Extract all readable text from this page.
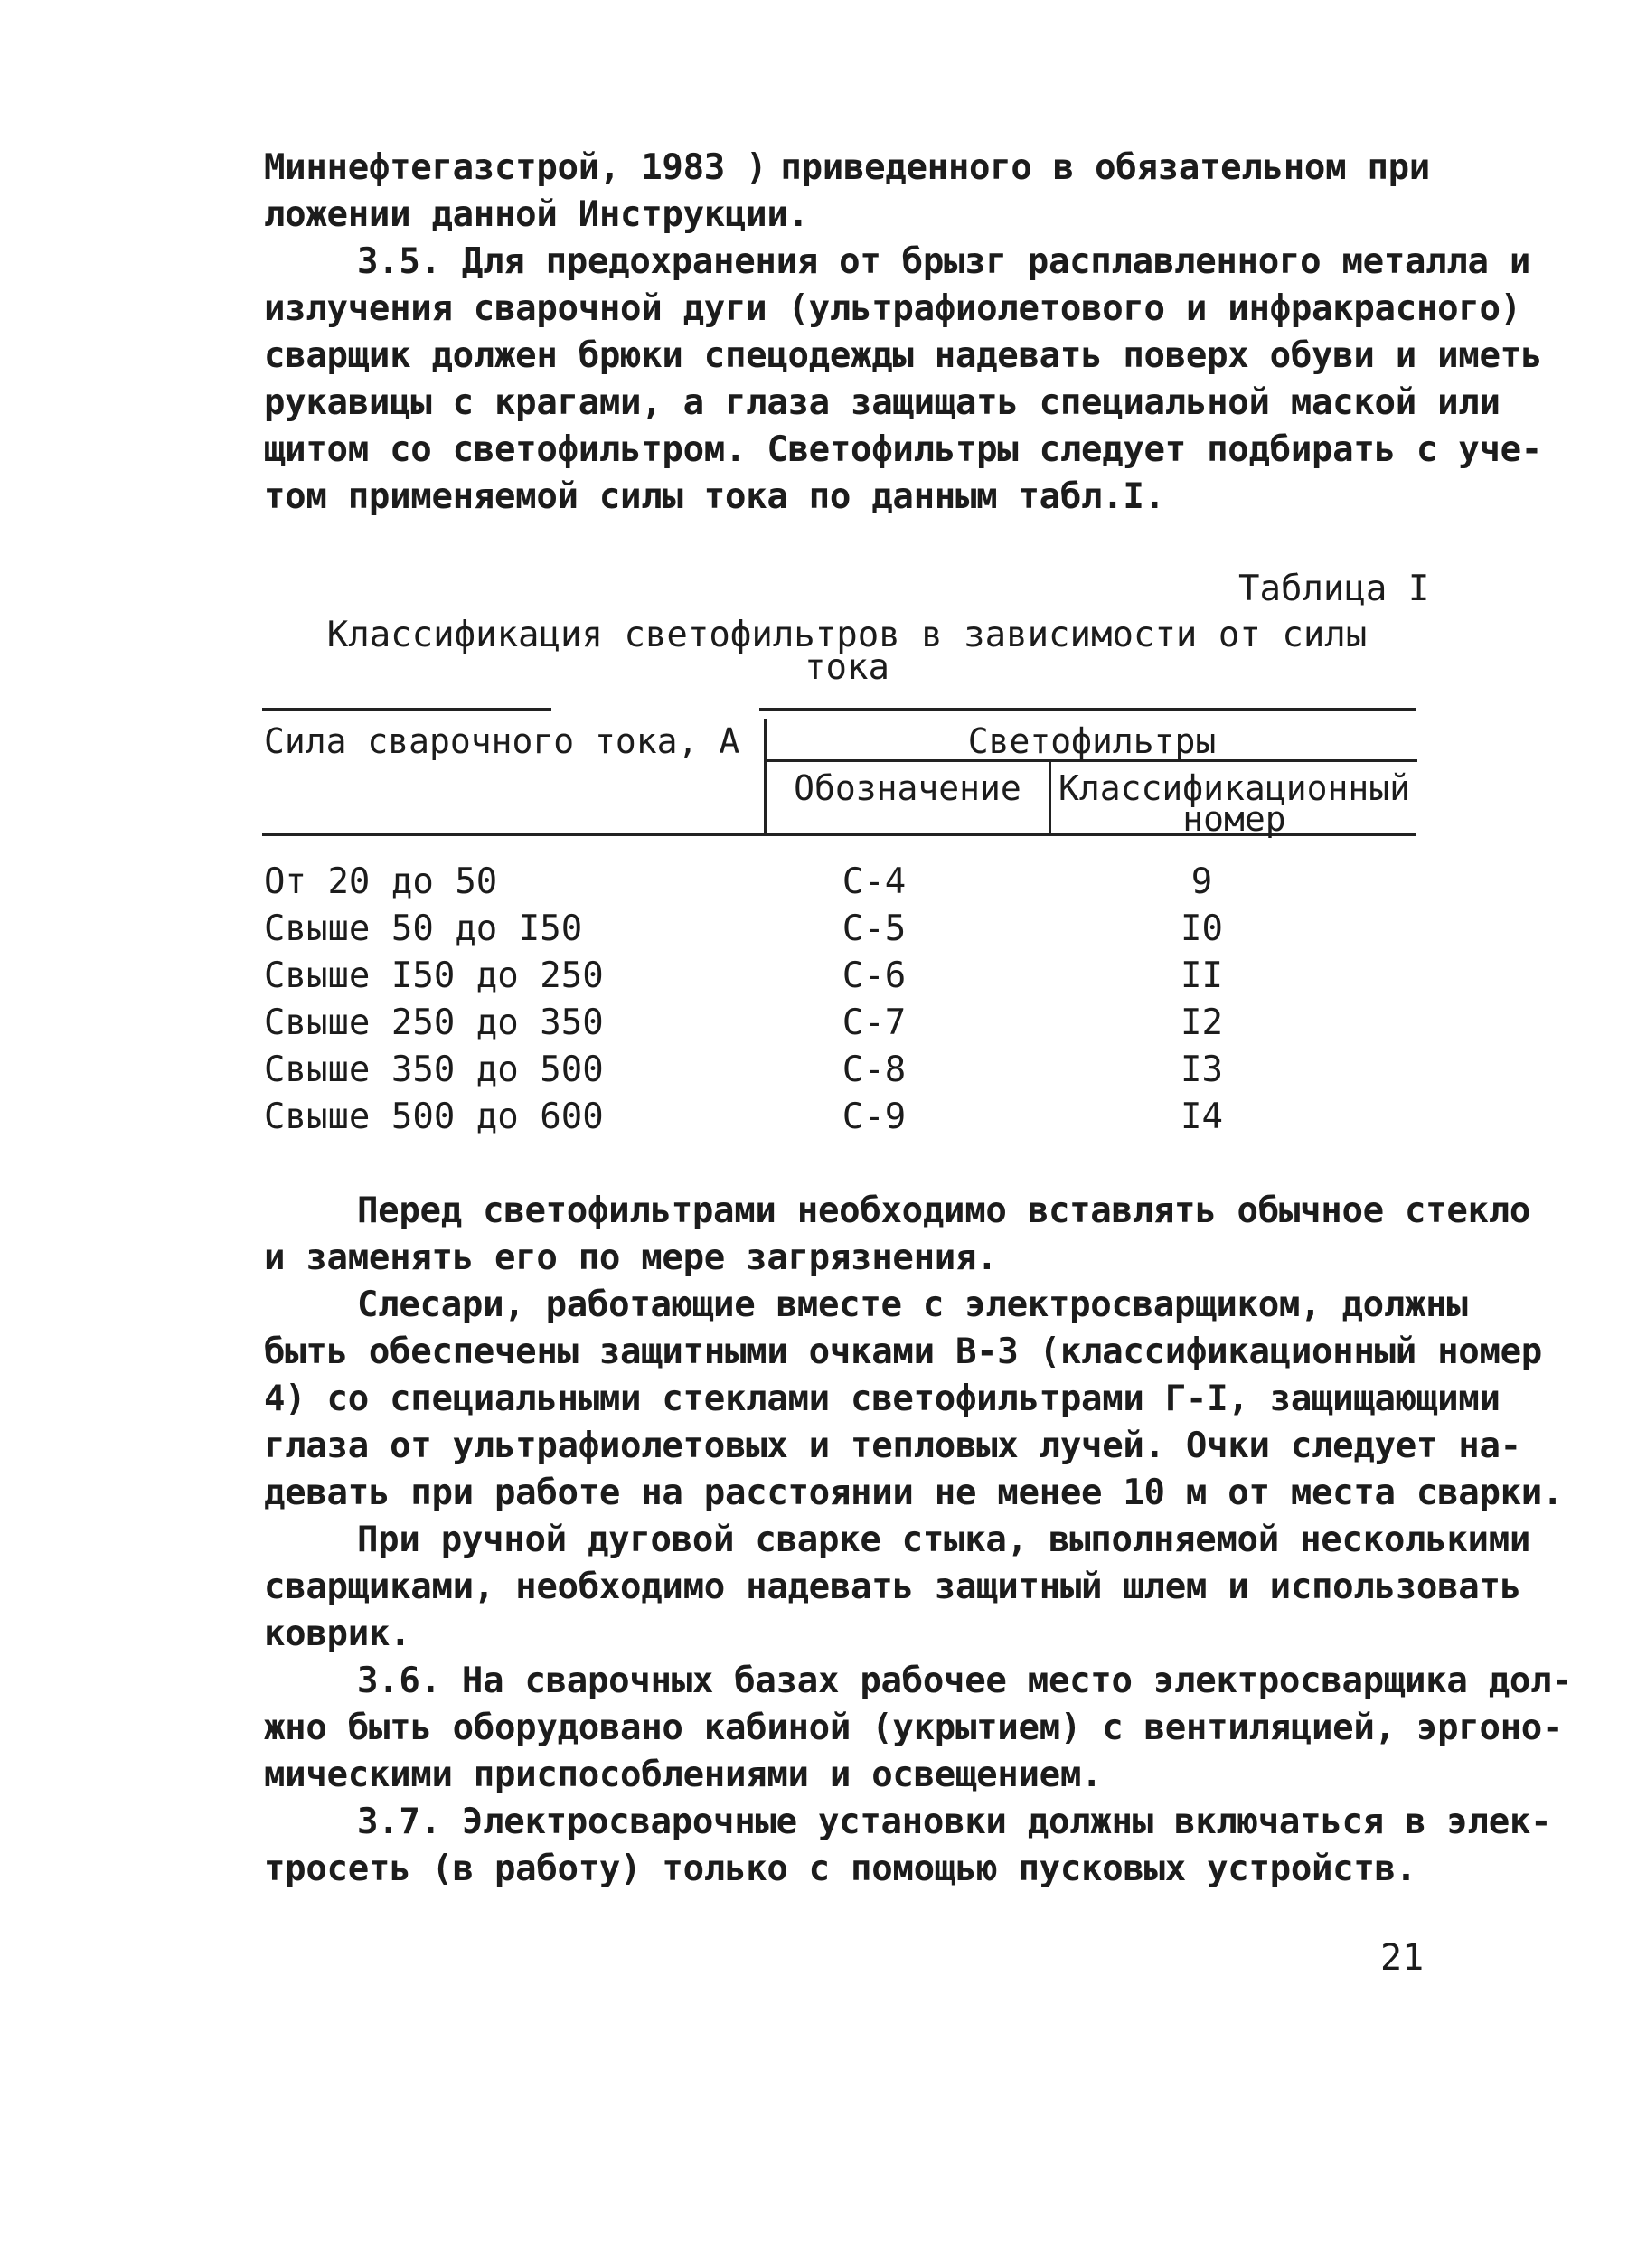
Миннефтегазстрой, 1983 ) приведенного в обязательном при
ложении данной Инструкции.
3.5. Для предохранения от брызг расплавленного металла и
излучения сварочной дуги (ультрафиолетового и инфракрасного)
сварщик должен брюки спецодежды надевать поверх обуви и иметь
рукавицы с крагами, а глаза защищать специальной маской или
щитом со светофильтром. Светофильтры следует подбирать с уче-
том применяемой силы тока по данным табл.I.
Таблица I
Классификация светофильтров в зависимости от силы
тока
Сила сварочного тока, А	Светофильтры
Обозначение	Классификационный
номер
От 20 до 50	С-4	9
Свыше 50 до I50	С-5	I0
Свыше I50 до 250	С-6	II
Свыше 250 до 350	С-7	I2
Свыше 350 до 500	С-8	I3
Свыше 500 до 600	С-9	I4
Перед светофильтрами необходимо вставлять обычное стекло
и заменять его по мере загрязнения.
Слесари, работающие вместе с электросварщиком, должны
быть обеспечены защитными очками В-3 (классификационный номер
4) со специальными стеклами светофильтрами Г-I, защищающими
глаза от ультрафиолетовых и тепловых лучей. Очки следует на-
девать при работе на расстоянии не менее 10 м от места сварки.
При ручной дуговой сварке стыка, выполняемой несколькими
сварщиками, необходимо надевать защитный шлем и использовать
коврик.
3.6. На сварочных базах рабочее место электросварщика дол-
жно быть оборудовано кабиной (укрытием) с вентиляцией, эргоно-
мическими приспособлениями и освещением.
3.7. Электросварочные установки должны включаться в элек-
тросеть (в работу) только с помощью пусковых устройств.
21
